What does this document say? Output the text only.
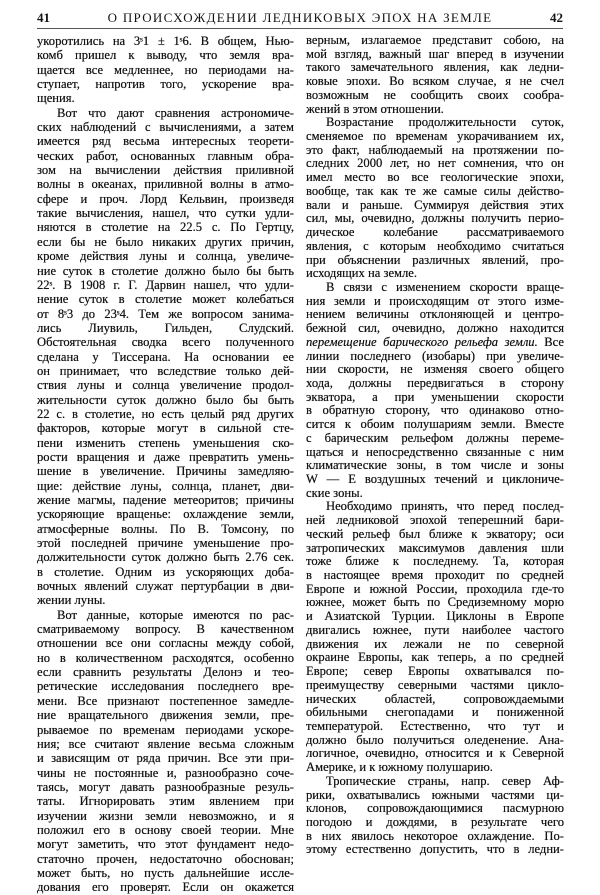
41	О ПРОИСХОЖДЕНИИ ЛЕДНИКОВЫХ ЭПОХ НА ЗЕМЛЕ	42
укоротились на 3ˢ1 ± 1ˢ6. В общем, Нью-
комб пришел к выводу, что земля вра-
щается все медленнее, но периодами на-
ступает, напротив того, ускорение вра-
щения.
Вот что дают сравнения астрономиче-
ских наблюдений с вычислениями, а затем
имеется ряд весьма интересных теорети-
ческих работ, основанных главным обра-
зом на вычислении действия приливной
волны в океанах, приливной волны в атмо-
сфере и проч. Лорд Кельвин, произведя
такие вычисления, нашел, что сутки удли-
няются в столетие на 22.5 с. По Гертцу,
если бы не было никаких других причин,
кроме действия луны и солнца, увеличе-
ние суток в столетие должно было бы быть
22ˢ. В 1908 г. Г. Дарвин нашел, что удли-
нение суток в столетие может колебаться
от 8ˢ3 до 23ˢ4. Тем же вопросом занима-
лись Лиувиль, Гильден, Слудский.
Обстоятельная сводка всего полученного
сделана у Тиссерана. На основании ее
он принимает, что вследствие только дей-
ствия луны и солнца увеличение продол-
жительности суток должно было бы быть
22 с. в столетие, но есть целый ряд других
факторов, которые могут в сильной сте-
пени изменить степень уменьшения ско-
рости вращения и даже превратить умень-
шение в увеличение. Причины замедляю-
щие: действие луны, солнца, планет, дви-
жение магмы, падение метеоритов; причины
ускоряющие вращенье: охлаждение земли,
атмосферные волны. По В. Томсону, по
этой последней причине уменьшение про-
должительности суток должно быть 2.76 сек.
в столетие. Одним из ускоряющих доба-
вочных явлений служат пертурбации в дви-
жении луны.
Вот данные, которые имеются по рас-
сматриваемому вопросу. В качественном
отношении все они согласны между собой,
но в количественном расходятся, особенно
если сравнить результаты Делонэ и тео-
ретические исследования последнего вре-
мени. Все признают постепенное замедле-
ние вращательного движения земли, пре-
рываемое по временам периодами ускоре-
ния; все считают явление весьма сложным
и зависящим от ряда причин. Все эти при-
чины не постоянные и, разнообразно соче-
таясь, могут давать разнообразные резуль-
таты. Игнорировать этим явлением при
изучении жизни земли невозможно, и я
положил его в основу своей теории. Мне
могут заметить, что этот фундамент недо-
статочно прочен, недостаточно обоснован;
может быть, но пусть дальнейшие иссле-
дования его проверят. Если он окажется
верным, излагаемое представит собою, на
мой взгляд, важный шаг вперед в изучении
такого замечательного явления, как ледни-
ковые эпохи. Во всяком случае, я не счел
возможным не сообщить своих сообра-
жений в этом отношении.
Возрастание продолжительности суток,
сменяемое по временам укорачиванием их,
это факт, наблюдаемый на протяжении по-
следних 2000 лет, но нет сомнения, что он
имел место во все геологические эпохи,
вообще, так как те же самые силы действо-
вали и раньше. Суммируя действия этих
сил, мы, очевидно, должны получить перио-
дическое колебание рассматриваемого
явления, с которым необходимо считаться
при объяснении различных явлений, про-
исходящих на земле.
В связи с изменением скорости враще-
ния земли и происходящим от этого изме-
нением величины отклоняющей и центро-
бежной сил, очевидно, должно находится
перемещение барического рельефа земли. Все
линии последнего (изобары) при увеличе-
нии скорости, не изменяя своего общего
хода, должны передвигаться в сторону
экватора, а при уменьшении скорости
в обратную сторону, что одинаково отно-
сится к обоим полушариям земли. Вместе
с барическим рельефом должны переме-
щаться и непосредственно связанные с ним
климатические зоны, в том числе и зоны
W — E воздушных течений и циклониче-
ские зоны.
Необходимо принять, что перед послед-
ней ледниковой эпохой теперешний бари-
ческий рельеф был ближе к экватору; оси
затропических максимумов давления шли
тоже ближе к последнему. Та, которая
в настоящее время проходит по средней
Европе и южной России, проходила где-то
южнее, может быть по Средиземному морю
и Азиатской Турции. Циклоны в Европе
двигались южнее, пути наиболее частого
движения их лежали не по северной
окраине Европы, как теперь, а по средней
Европе; север Европы охватывался по-
преимуществу северными частями цикло-
нических областей, сопровождаемыми
обильными снегопадами и пониженной
температурой. Естественно, что тут и
должно было получиться оледенение. Ана-
логичное, очевидно, относится и к Северной
Америке, и к южному полушарию.
Тропические страны, напр. север Аф-
рики, охватывались южными частями ци-
клонов, сопровождающимися пасмурною
погодою и дождями, в результате чего
в них явилось некоторое охлаждение. По-
этому естественно допустить, что в ледни-
